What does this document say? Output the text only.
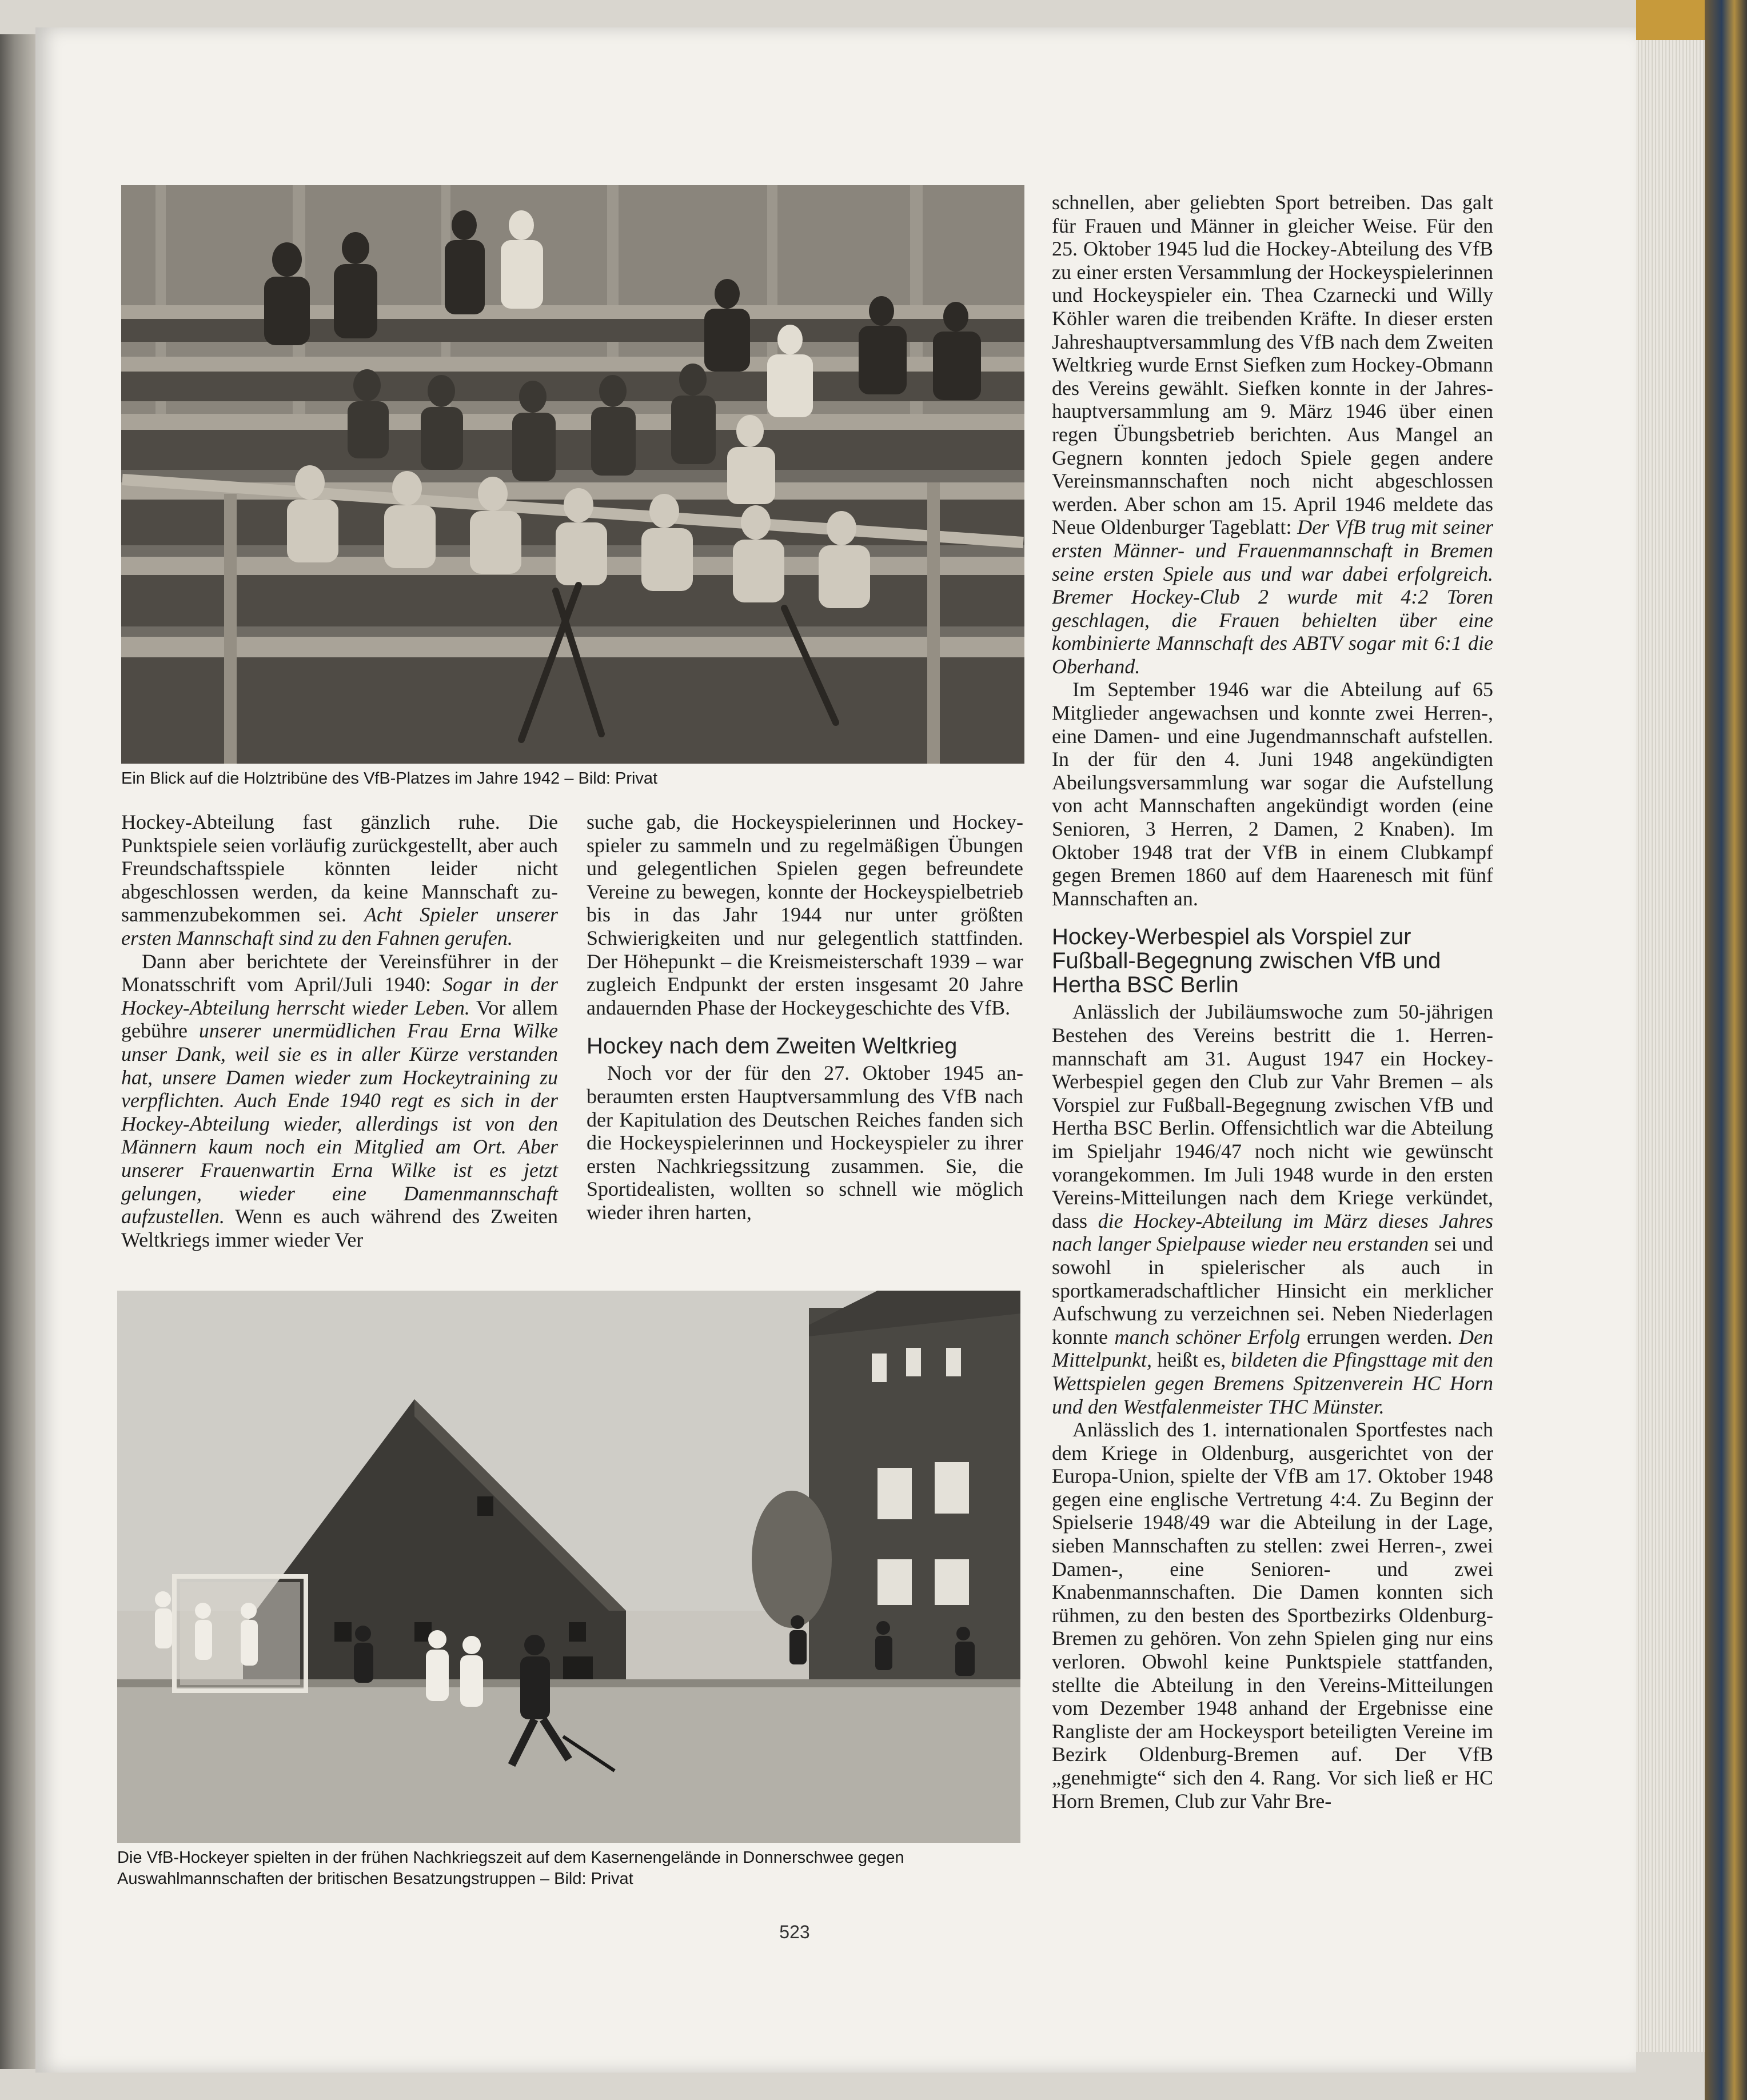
Ein Blick auf die Holztribüne des VfB-Platzes im Jahre 1942 – Bild: Privat

Hockey-Abteilung fast gänzlich ruhe. Die Punktspiele seien vorläufig zurückgestellt, aber auch Freundschaftsspiele könnten leider nicht abgeschlossen werden, da keine Mannschaft zusammenzubekommen sei. Acht Spieler unserer ersten Mannschaft sind zu den Fahnen gerufen.

Dann aber berichtete der Vereinsführer in der Monatsschrift vom April/Juli 1940: Sogar in der Hockey-Abteilung herrscht wieder Leben. Vor allem gebühre unserer unermüdlichen Frau Erna Wilke unser Dank, weil sie es in aller Kürze verstanden hat, unsere Damen wieder zum Hockeytraining zu verpflichten. Auch Ende 1940 regt es sich in der Hockey-Abteilung wieder, allerdings ist von den Männern kaum noch ein Mitglied am Ort. Aber unserer Frauenwartin Erna Wilke ist es jetzt gelungen, wieder eine Damenmannschaft aufzustellen. Wenn es auch während des Zweiten Weltkriegs immer wieder Ver

suche gab, die Hockeyspielerinnen und Hockeyspieler zu sammeln und zu regelmäßigen Übungen und gelegentlichen Spielen gegen befreundete Vereine zu bewegen, konnte der Hockeyspielbetrieb bis in das Jahr 1944 nur unter größten Schwierigkeiten und nur gelegentlich stattfinden. Der Höhepunkt – die Kreismeisterschaft 1939 – war zugleich Endpunkt der ersten insgesamt 20 Jahre andauernden Phase der Hockeygeschichte des VfB.

Hockey nach dem Zweiten Weltkrieg

Noch vor der für den 27. Oktober 1945 anberaumten ersten Hauptversammlung des VfB nach der Kapitulation des Deutschen Reiches fanden sich die Hockeyspielerinnen und Hockeyspieler zu ihrer ersten Nachkriegssitzung zusammen. Sie, die Sportidealisten, wollten so schnell wie möglich wieder ihren harten,

Die VfB-Hockeyer spielten in der frühen Nachkriegszeit auf dem Kasernengelände in Donnerschwee gegen
Auswahlmannschaften der britischen Besatzungstruppen – Bild: Privat

schnellen, aber geliebten Sport betreiben. Das galt für Frauen und Männer in gleicher Weise. Für den 25. Oktober 1945 lud die Hockey-Abteilung des VfB zu einer ersten Versammlung der Hockeyspielerinnen und Hockeyspieler ein. Thea Czarnecki und Willy Köhler waren die treibenden Kräfte. In dieser ersten Jahreshauptversammlung des VfB nach dem Zweiten Weltkrieg wurde Ernst Siefken zum Hockey-Obmann des Vereins gewählt. Siefken konnte in der Jahreshauptversammlung am 9. März 1946 über einen regen Übungsbetrieb berichten. Aus Mangel an Gegnern konnten jedoch Spiele gegen andere Vereinsmannschaften noch nicht abgeschlossen werden. Aber schon am 15. April 1946 meldete das Neue Oldenburger Tageblatt: Der VfB trug mit seiner ersten Männer- und Frauenmannschaft in Bremen seine ersten Spiele aus und war dabei erfolgreich. Bremer Hockey-Club 2 wurde mit 4:2 Toren geschlagen, die Frauen behielten über eine kombinierte Mannschaft des ABTV sogar mit 6:1 die Oberhand.

Im September 1946 war die Abteilung auf 65 Mitglieder angewachsen und konnte zwei Herren-, eine Damen- und eine Jugendmannschaft aufstellen. In der für den 4. Juni 1948 angekündigten Abeilungsversammlung war sogar die Aufstellung von acht Mannschaften angekündigt worden (eine Senioren, 3 Herren, 2 Damen, 2 Knaben). Im Oktober 1948 trat der VfB in einem Clubkampf gegen Bremen 1860 auf dem Haarenesch mit fünf Mannschaften an.

Hockey-Werbespiel als Vorspiel zur Fußball-Begegnung zwischen VfB und Hertha BSC Berlin

Anlässlich der Jubiläumswoche zum 50-jährigen Bestehen des Vereins bestritt die 1. Herrenmannschaft am 31. August 1947 ein Hockey-Werbespiel gegen den Club zur Vahr Bremen – als Vorspiel zur Fußball-Begegnung zwischen VfB und Hertha BSC Berlin. Offensichtlich war die Abteilung im Spieljahr 1946/47 noch nicht wie gewünscht vorangekommen. Im Juli 1948 wurde in den ersten Vereins-Mitteilungen nach dem Kriege verkündet, dass die Hockey-Abteilung im März dieses Jahres nach langer Spielpause wieder neu erstanden sei und sowohl in spielerischer als auch in sportkameradschaftlicher Hinsicht ein merklicher Aufschwung zu verzeichnen sei. Neben Niederlagen konnte manch schöner Erfolg errungen werden. Den Mittelpunkt, heißt es, bildeten die Pfingsttage mit den Wettspielen gegen Bremens Spitzenverein HC Horn und den Westfalenmeister THC Münster.

Anlässlich des 1. internationalen Sportfestes nach dem Kriege in Oldenburg, ausgerichtet von der Europa-Union, spielte der VfB am 17. Oktober 1948 gegen eine englische Vertretung 4:4. Zu Beginn der Spielserie 1948/49 war die Abteilung in der Lage, sieben Mannschaften zu stellen: zwei Herren-, zwei Damen-, eine Senioren- und zwei Knabenmannschaften. Die Damen konnten sich rühmen, zu den besten des Sportbezirks Oldenburg-Bremen zu gehören. Von zehn Spielen ging nur eins verloren. Obwohl keine Punktspiele stattfanden, stellte die Abteilung in den Vereins-Mitteilungen vom Dezember 1948 anhand der Ergebnisse eine Rangliste der am Hockeysport beteiligten Vereine im Bezirk Oldenburg-Bremen auf. Der VfB „genehmigte“ sich den 4. Rang. Vor sich ließ er HC Horn Bremen, Club zur Vahr Bre-

523
